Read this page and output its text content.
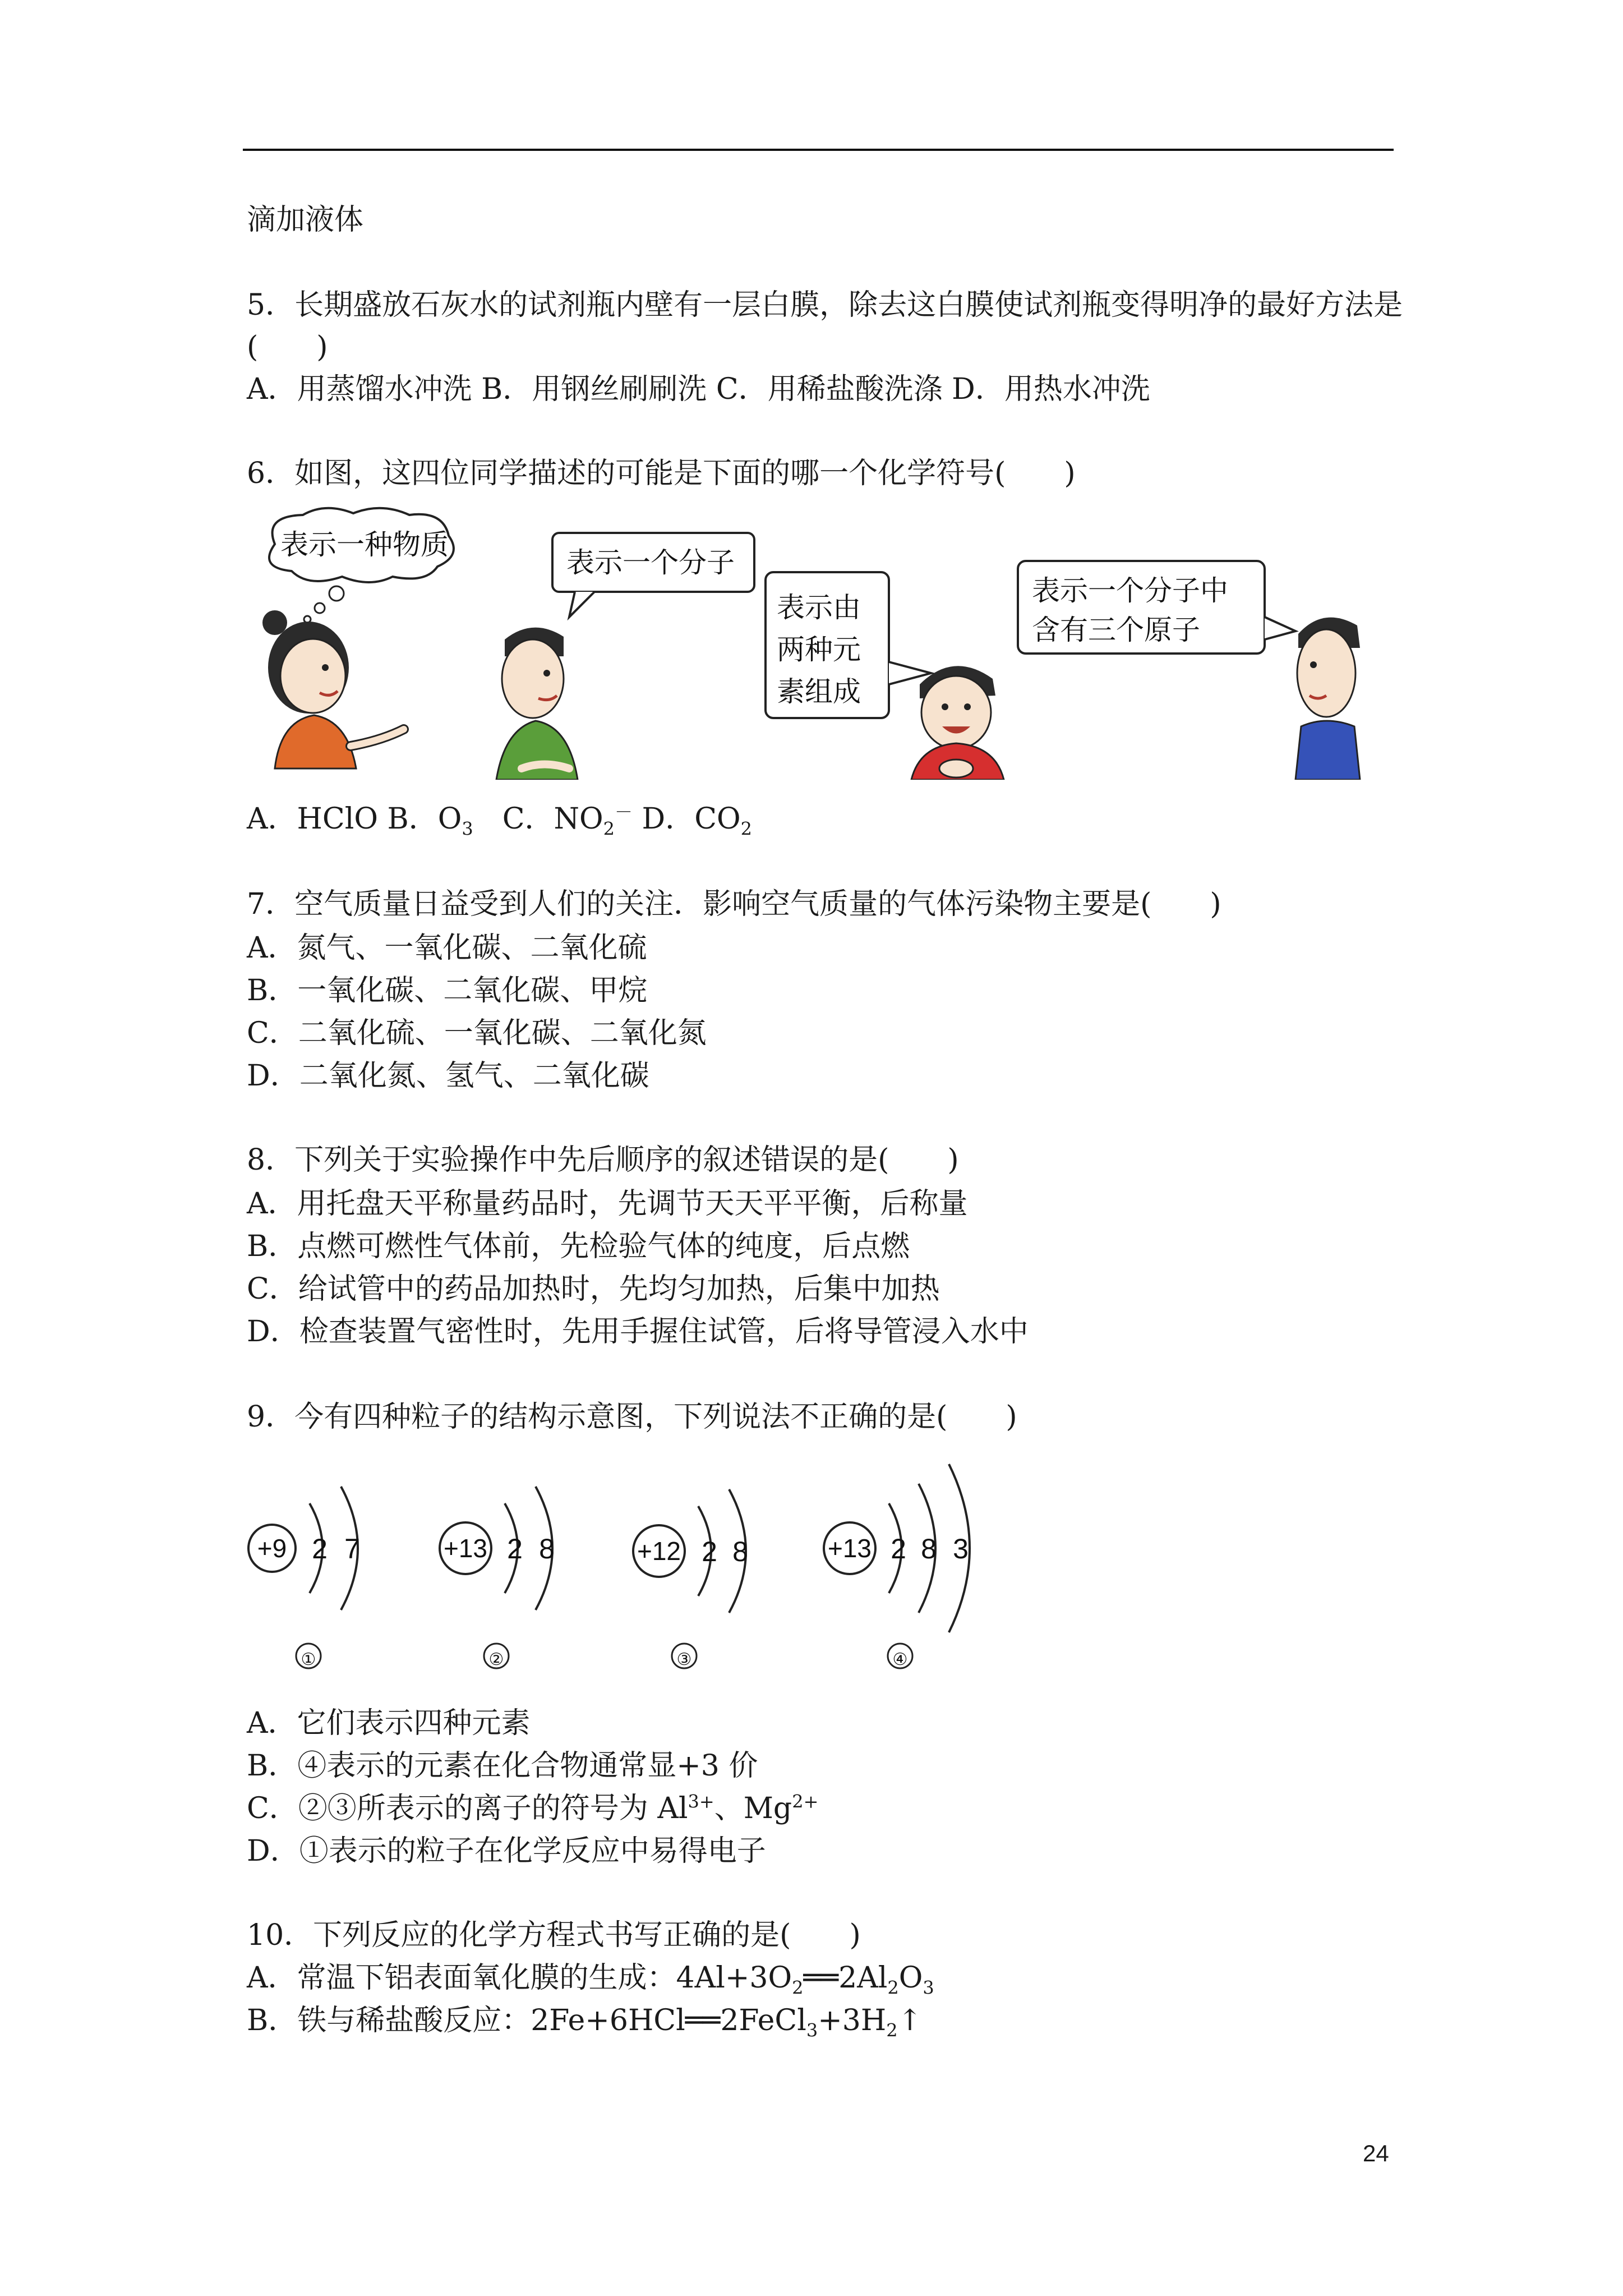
滴加液体
5．长期盛放石灰水的试剂瓶内壁有一层白膜，除去这白膜使试剂瓶变得明净的最好方法是
(　　)
A．用蒸馏水冲洗 B．用钢丝刷刷洗 C．用稀盐酸洗涤 D．用热水冲洗
6．如图，这四位同学描述的可能是下面的哪一个化学符号(　　)
表示一种物质
表示一个分子
表示由
两种元
素组成
表示一个分子中
含有三个原子
A．HClO B．$O_3$　C．$NO_2^-$ D．$CO_2$
7．空气质量日益受到人们的关注．影响空气质量的气体污染物主要是(　　)
A．氮气、一氧化碳、二氧化硫
B．一氧化碳、二氧化碳、甲烷
C．二氧化硫、一氧化碳、二氧化氮
D．二氧化氮、氢气、二氧化碳
8．下列关于实验操作中先后顺序的叙述错误的是(　　)
A．用托盘天平称量药品时，先调节天天平平衡，后称量
B．点燃可燃性气体前，先检验气体的纯度，后点燃
C．给试管中的药品加热时，先均匀加热，后集中加热
D．检查装置气密性时，先用手握住试管，后将导管浸入水中
9．今有四种粒子的结构示意图，下列说法不正确的是(　　)
+9 2 7
①
+13 2 8
②
+12 2 8
③
+13 2 8 3
④
A．它们表示四种元素
B．④表示的元素在化合物通常显+3 价
C．②③所表示的离子的符号为 $Al^{3+}$、$Mg^{2+}$
D．①表示的粒子在化学反应中易得电子
10．下列反应的化学方程式书写正确的是(　　)
A．常温下铝表面氧化膜的生成：$4Al+3O_2══2Al_2O_3$
B．铁与稀盐酸反应：$2Fe+6HCl══2FeCl_3+3H_2↑$
24
